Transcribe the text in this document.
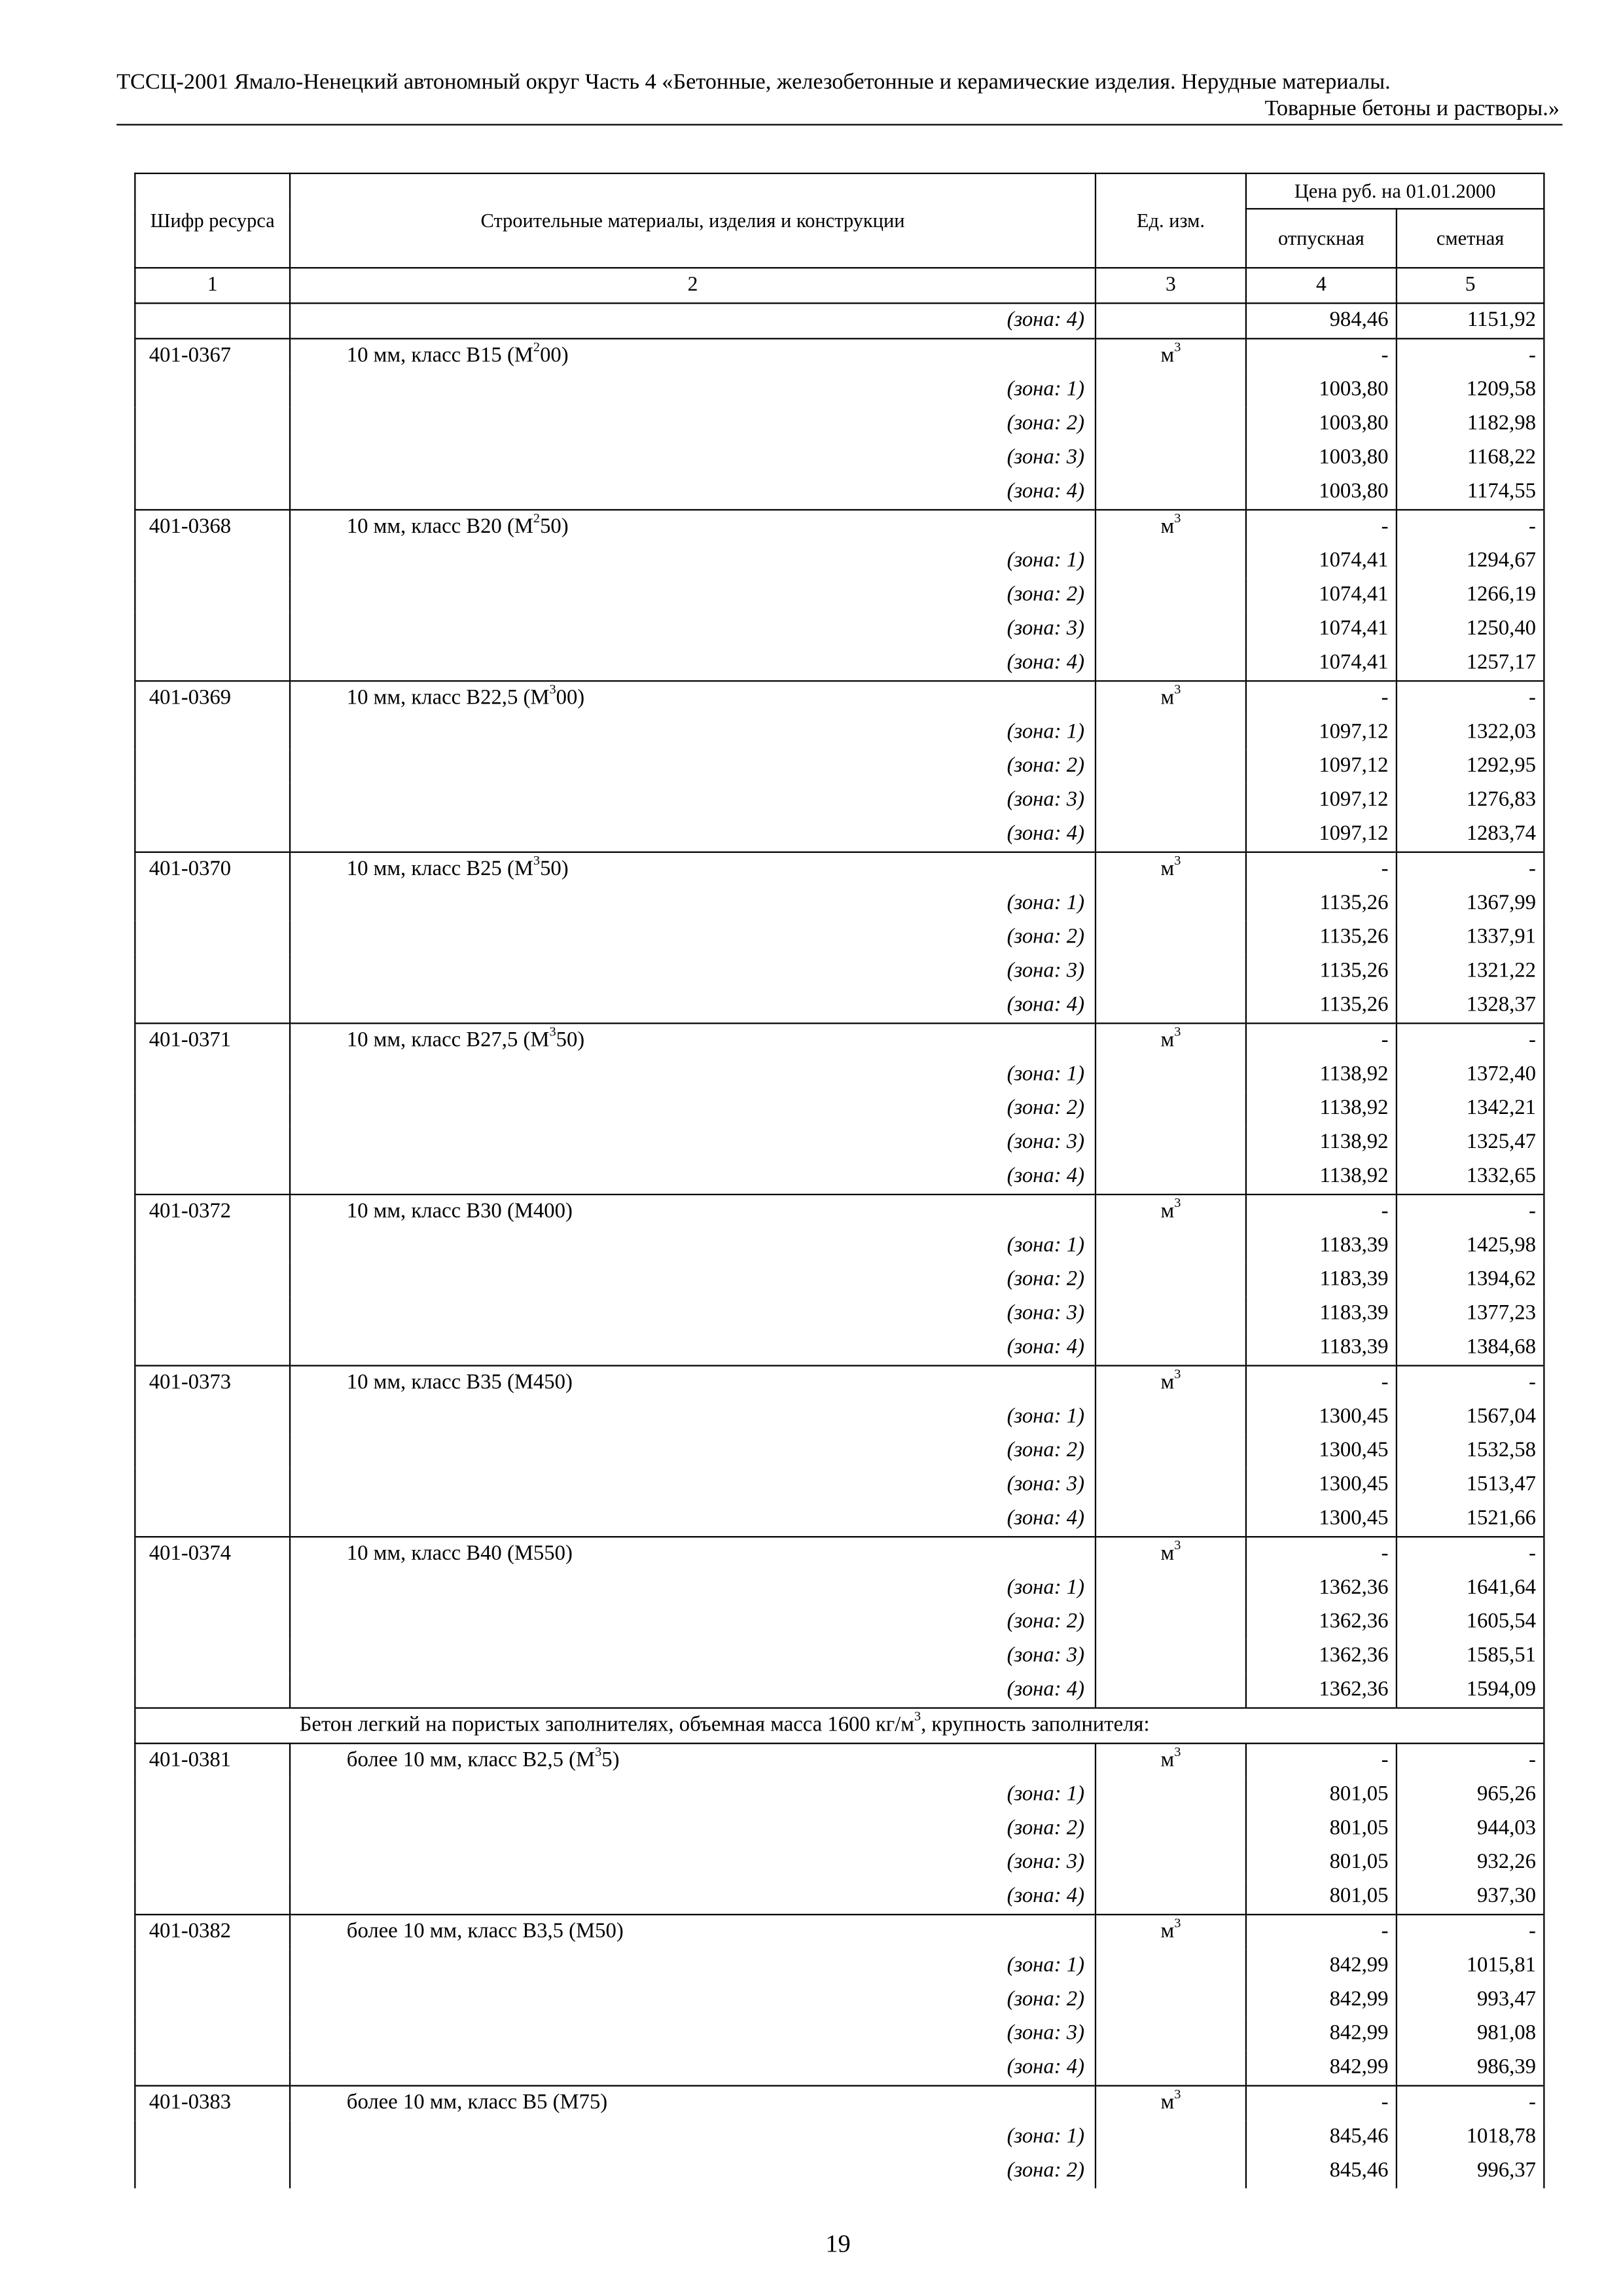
ТССЦ-2001 Ямало-Ненецкий автономный округ Часть 4 «Бетонные, железобетонные и керамические изделия. Нерудные материалы.
Товарные бетоны и растворы.»
Шифр ресурса	Строительные материалы, изделия и конструкции	Ед. изм.	Цена руб. на 01.01.2000	
			отпускная	сметная
1	2	3	4	5
	(зона: 4)		984,46	1151,92
401-0367	10 мм, класс В15 $(М^200)$	$м^3$	-	-
	(зона: 1)		1003,80	1209,58
	(зона: 2)		1003,80	1182,98
	(зона: 3)		1003,80	1168,22
	(зона: 4)		1003,80	1174,55
401-0368	10 мм, класс В20 $(М^250)$	$м^3$	-	-
	(зона: 1)		1074,41	1294,67
	(зона: 2)		1074,41	1266,19
	(зона: 3)		1074,41	1250,40
	(зона: 4)		1074,41	1257,17
401-0369	10 мм, класс В22,5 $(М^300)$	$м^3$	-	-
	(зона: 1)		1097,12	1322,03
	(зона: 2)		1097,12	1292,95
	(зона: 3)		1097,12	1276,83
	(зона: 4)		1097,12	1283,74
401-0370	10 мм, класс В25 $(М^350)$	$м^3$	-	-
	(зона: 1)		1135,26	1367,99
	(зона: 2)		1135,26	1337,91
	(зона: 3)		1135,26	1321,22
	(зона: 4)		1135,26	1328,37
401-0371	10 мм, класс В27,5 $(М^350)$	$м^3$	-	-
	(зона: 1)		1138,92	1372,40
	(зона: 2)		1138,92	1342,21
	(зона: 3)		1138,92	1325,47
	(зона: 4)		1138,92	1332,65
401-0372	10 мм, класс В30 (М400)	$м^3$	-	-
	(зона: 1)		1183,39	1425,98
	(зона: 2)		1183,39	1394,62
	(зона: 3)		1183,39	1377,23
	(зона: 4)		1183,39	1384,68
401-0373	10 мм, класс В35 (М450)	$м^3$	-	-
	(зона: 1)		1300,45	1567,04
	(зона: 2)		1300,45	1532,58
	(зона: 3)		1300,45	1513,47
	(зона: 4)		1300,45	1521,66
401-0374	10 мм, класс В40 (М550)	$м^3$	-	-
	(зона: 1)		1362,36	1641,64
	(зона: 2)		1362,36	1605,54
	(зона: 3)		1362,36	1585,51
	(зона: 4)		1362,36	1594,09
Бетон легкий на пористых заполнителях, объемная масса 1600 $кг/м^3$, крупность заполнителя:				
401-0381	более 10 мм, класс В2,5 $(М^35)$	$м^3$	-	-
	(зона: 1)		801,05	965,26
	(зона: 2)		801,05	944,03
	(зона: 3)		801,05	932,26
	(зона: 4)		801,05	937,30
401-0382	более 10 мм, класс В3,5 (М50)	$м^3$	-	-
	(зона: 1)		842,99	1015,81
	(зона: 2)		842,99	993,47
	(зона: 3)		842,99	981,08
	(зона: 4)		842,99	986,39
401-0383	более 10 мм, класс В5 (М75)	$м^3$	-	-
	(зона: 1)		845,46	1018,78
	(зона: 2)		845,46	996,37
19
